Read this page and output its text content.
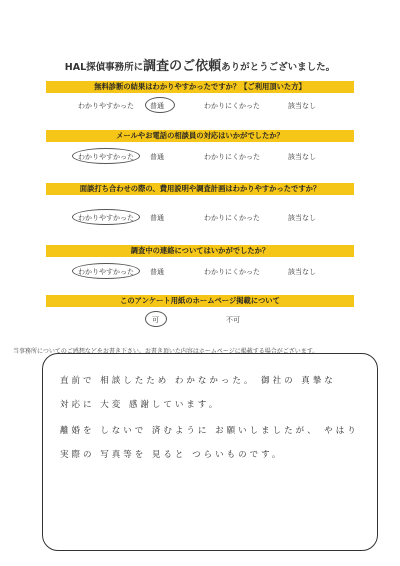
HAL探偵事務所に調査のご依頼ありがとうございました。
無料診断の結果はわかりやすかったですか？【ご利用頂いた方】
わかりやすかった 普通	わかりにくかった	該当なし
メールやお電話の相談員の対応はいかがでしたか？
わかりやすかった 普通	わかりにくかった	該当なし
面談打ち合わせの際の、費用説明や調査計画はわかりやすかったですか？
わかりやすかった 普通	わかりにくかった	該当なし
調査中の連絡についてはいかがでしたか？
わかりやすかった 普通	わかりにくかった	該当なし
このアンケート用紙のホームページ掲載について
可	不可
当事務所についてのご感想などをお書き下さい。お書き頂いた内容はホームページに掲載する場合がございます。
直前で 相談したため わかなかった。 御社の 真摯な
対応に 大変 感謝しています。
離婚を しないで 済むように お願いしましたが、 やはり
実際の 写真等を 見ると つらいものです。
